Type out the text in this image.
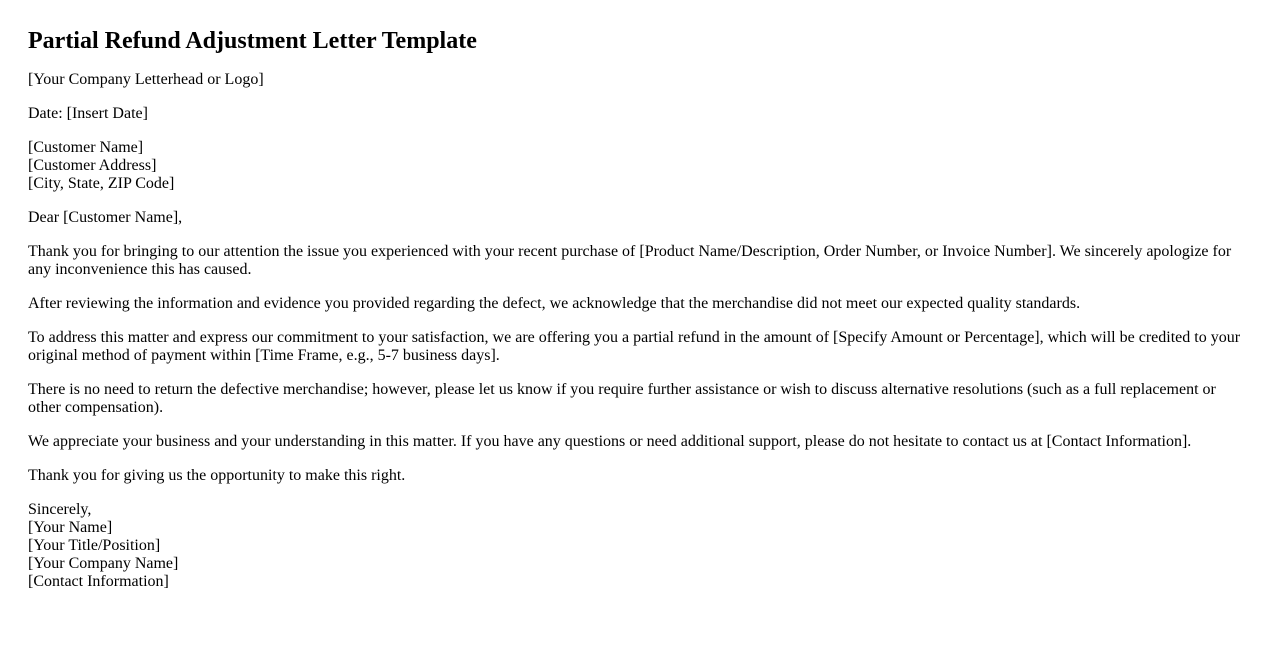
Partial Refund Adjustment Letter Template

[Your Company Letterhead or Logo]

Date: [Insert Date]

[Customer Name]
[Customer Address]
[City, State, ZIP Code]

Dear [Customer Name],

Thank you for bringing to our attention the issue you experienced with your recent purchase of [Product Name/Description, Order Number, or Invoice Number]. We sincerely apologize for any inconvenience this has caused.

After reviewing the information and evidence you provided regarding the defect, we acknowledge that the merchandise did not meet our expected quality standards.

To address this matter and express our commitment to your satisfaction, we are offering you a partial refund in the amount of [Specify Amount or Percentage], which will be credited to your original method of payment within [Time Frame, e.g., 5-7 business days].

There is no need to return the defective merchandise; however, please let us know if you require further assistance or wish to discuss alternative resolutions (such as a full replacement or other compensation).

We appreciate your business and your understanding in this matter. If you have any questions or need additional support, please do not hesitate to contact us at [Contact Information].

Thank you for giving us the opportunity to make this right.

Sincerely,
[Your Name]
[Your Title/Position]
[Your Company Name]
[Contact Information]
